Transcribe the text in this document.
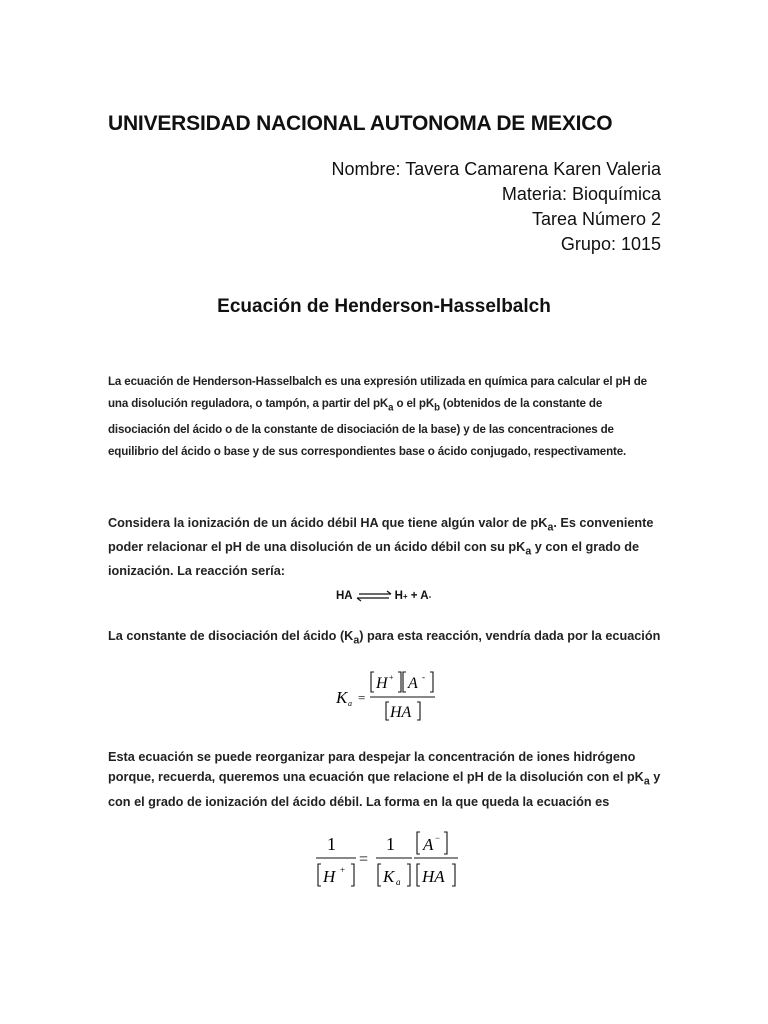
UNIVERSIDAD NACIONAL AUTONOMA DE MEXICO
Nombre: Tavera Camarena Karen Valeria
Materia: Bioquímica
Tarea Número 2
Grupo: 1015
Ecuación de Henderson-Hasselbalch
La ecuación de Henderson-Hasselbalch es una expresión utilizada en química para calcular el pH de una disolución reguladora, o tampón, a partir del $pK_a$ o el $pK_b$ (obtenidos de la constante de disociación del ácido o de la constante de disociación de la base) y de las concentraciones de equilibrio del ácido o base y de sus correspondientes base o ácido conjugado, respectivamente.
Considera la ionización de un ácido débil HA que tiene algún valor de $pK_a$. Es conveniente poder relacionar el pH de una disolución de un ácido débil con su $pK_a$ y con el grado de ionización. La reacción sería:
HA ⇌ H + + A -
La constante de disociación del ácido $(K_a)$ para esta reacción, vendría dada por la ecuación
K a =
H + A -
HA
Esta ecuación se puede reorganizar para despejar la concentración de iones hidrógeno porque, recuerda, queremos una ecuación que relacione el pH de la disolución con el $pK_a$ y con el grado de ionización del ácido débil. La forma en la que queda la ecuación es
1
H +
=
1
K a
A −
HA
